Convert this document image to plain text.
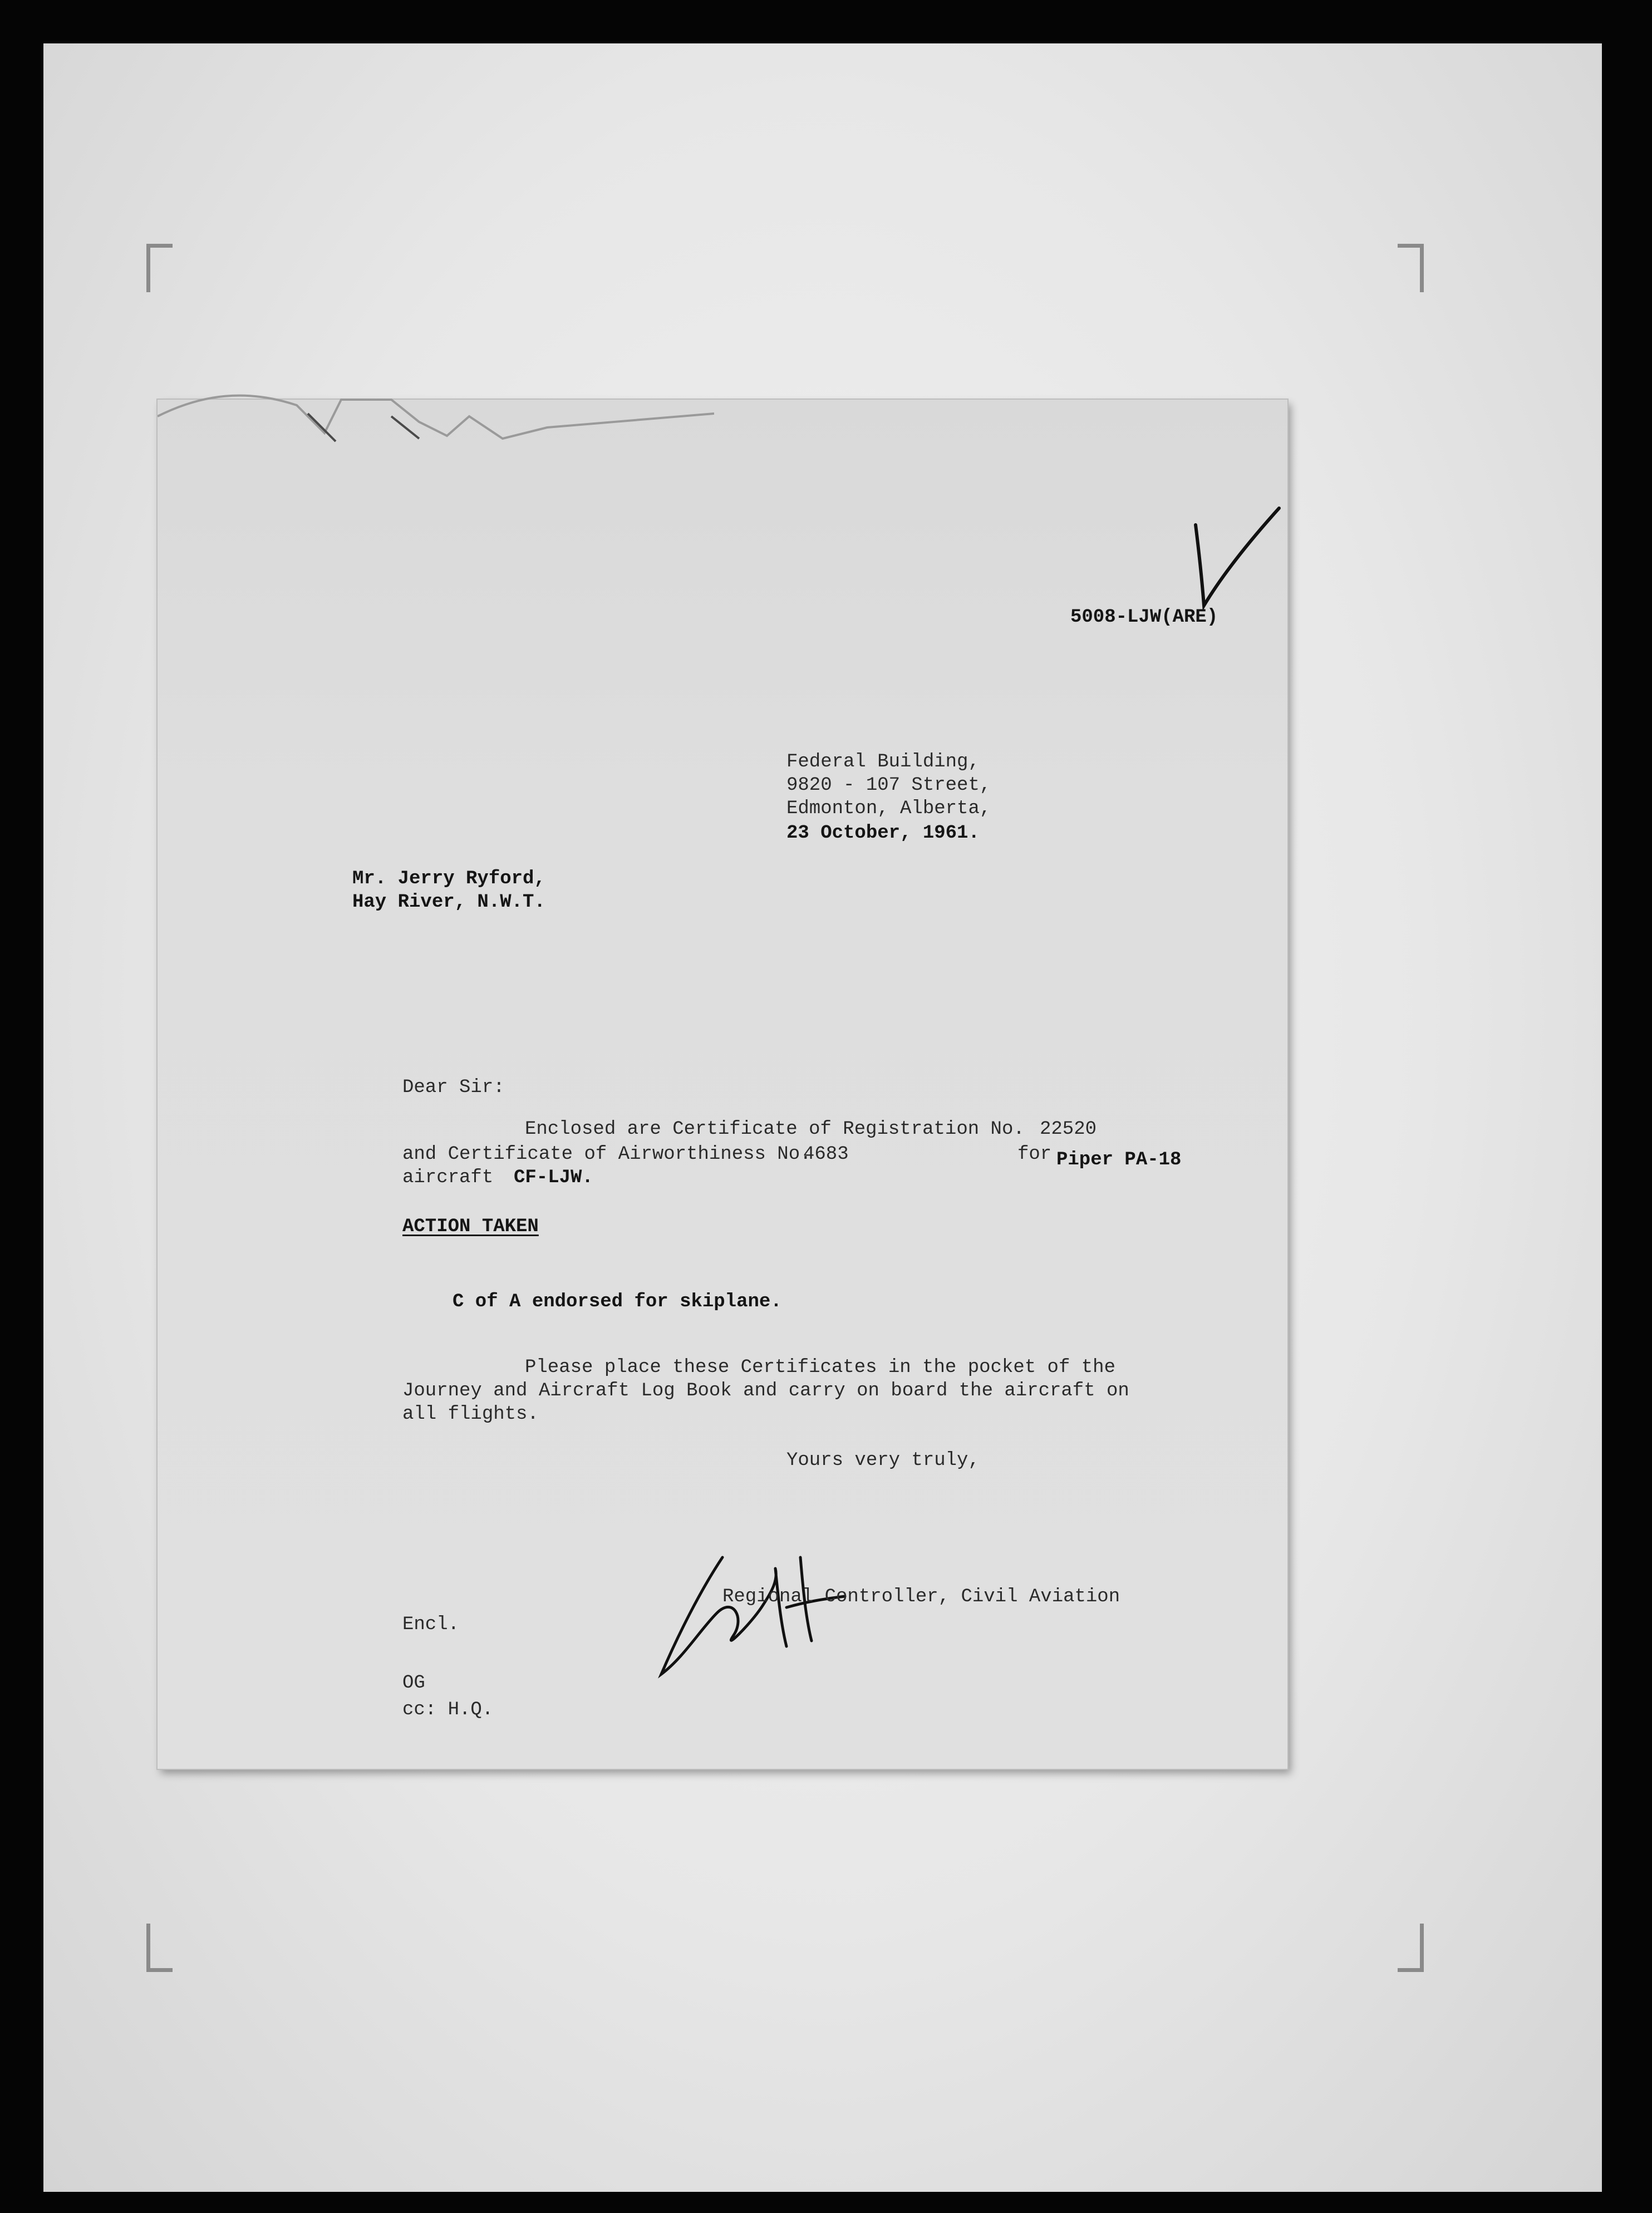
5008-LJW(ARE)

Federal Building,

9820 - 107 Street,

Edmonton, Alberta,

23 October, 1961.

Mr. Jerry Ryford,

Hay River, N.W.T.

Dear Sir:

Enclosed are Certificate of Registration No. 22520

and Certificate of Airworthiness No.

4683	for Piper PA-18

aircraft CF-LJW.

ACTION TAKEN

C of A endorsed for skiplane.

Please place these Certificates in the pocket of the

Journey and Aircraft Log Book and carry on board the aircraft on

all flights.

Yours very truly,

Regional Controller, Civil Aviation

Encl.

OG

cc: H.Q.
